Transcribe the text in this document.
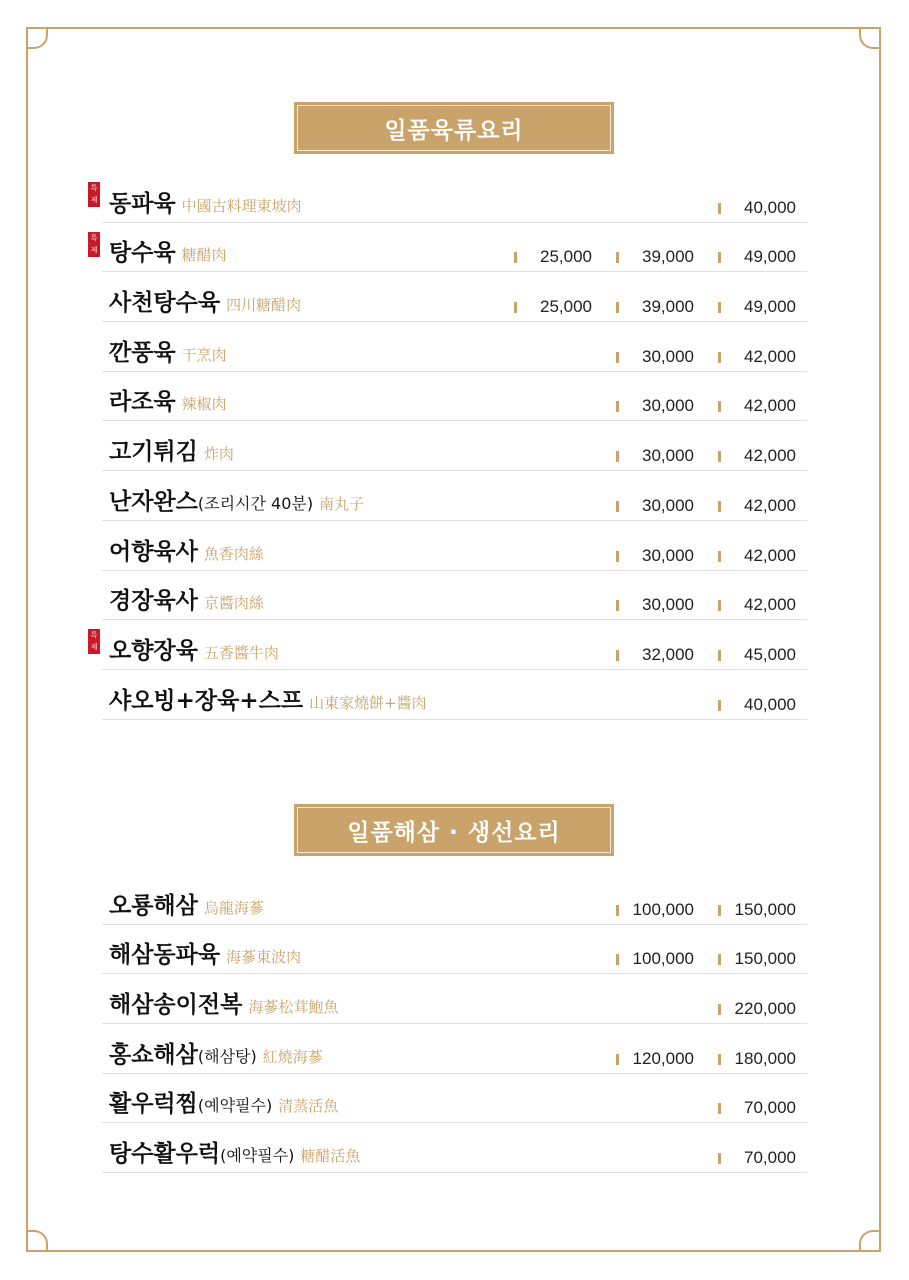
일품육류요리
특제 동파육 中國古料理東坡肉	40,000
특제 탕수육 糖醋肉	25,000	39,000	49,000
사천탕수육 四川糖醋肉	25,000	39,000	49,000
깐풍육 干烹肉	30,000	42,000
라조육 辣椒肉	30,000	42,000
고기튀김 炸肉	30,000	42,000
난자완스(조리시간 40분) 南丸子	30,000	42,000
어향육사 魚香肉絲	30,000	42,000
경장육사 京醬肉絲	30,000	42,000
특제 오향장육 五香醬牛肉	32,000	45,000
샤오빙+장육+스프 山東家燒餅+醬肉	40,000
일품해삼 · 생선요리
오룡해삼 烏龍海蔘	100,000 150,000
해삼동파육 海蔘東波肉	100,000 150,000
해삼송이전복 海蔘松茸鮑魚	220,000
홍쇼해삼(해삼탕) 紅燒海蔘	120,000 180,000
활우럭찜(예약필수) 清蒸活魚	70,000
탕수활우럭(예약필수) 糖醋活魚	70,000
